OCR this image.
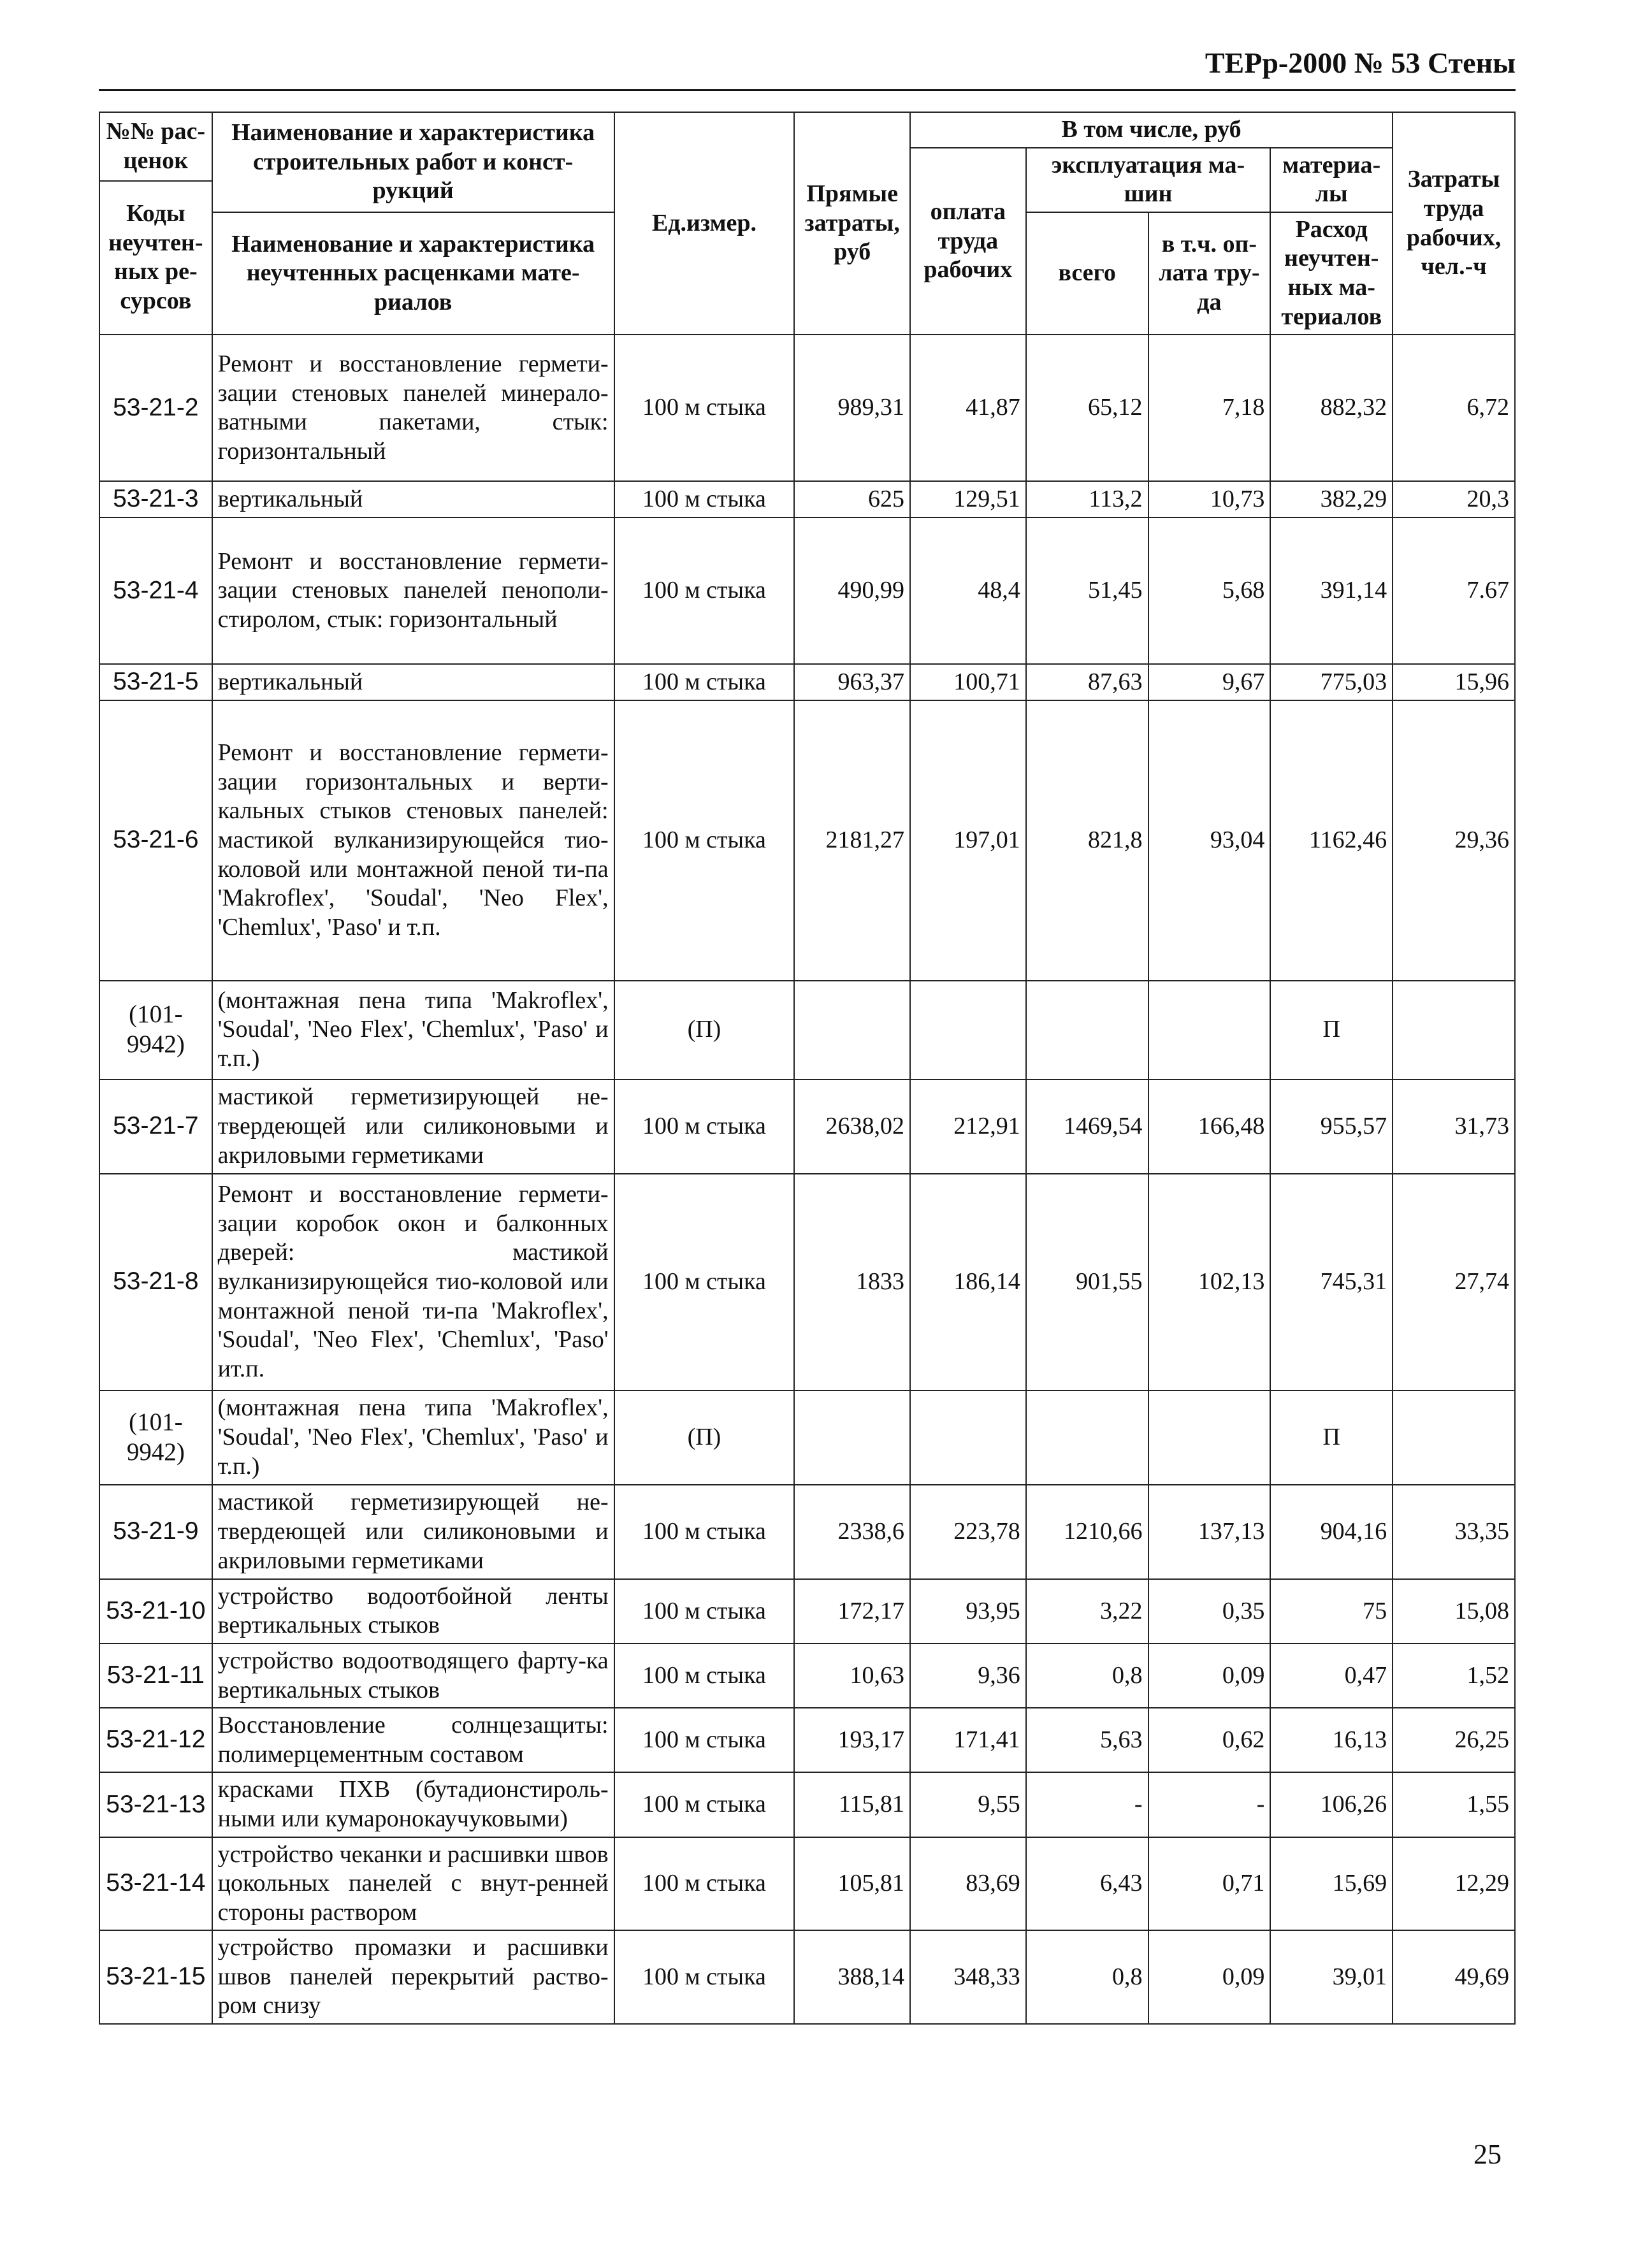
ТЕРр-2000 № 53 Стены
№№ рас-ценок	Наименование и характеристика строительных работ и конст-рукций	Ед.измер.	Прямые затраты, руб	В том числе, руб				Затраты труда рабочих, чел.-ч
				оплата труда рабочих	эксплуатация ма-шин		материа-лы	
Коды неучтен-ных ре-сурсов								
	Наименование и характеристика неучтенных расценками мате-риалов				всего	в т.ч. оп-лата тру-да	Расход неучтен-ных ма-териалов	

53-21-2	Ремонт и восстановление гермети-зации стеновых панелей минерало-ватными пакетами, стык: горизонтальный	100 м стыка	989,31	41,87	65,12	7,18	882,32	6,72
53-21-3	вертикальный	100 м стыка	625	129,51	113,2	10,73	382,29	20,3
53-21-4	Ремонт и восстановление гермети-зации стеновых панелей пенополи-стиролом, стык: горизонтальный	100 м стыка	490,99	48,4	51,45	5,68	391,14	7.67
53-21-5	вертикальный	100 м стыка	963,37	100,71	87,63	9,67	775,03	15,96
53-21-6	Ремонт и восстановление гермети-зации горизонтальных и верти-кальных стыков стеновых панелей: мастикой вулканизирующейся тио-коловой или монтажной пеной ти-па 'Makroflex', 'Soudal', 'Neo Flex', 'Chemlux', 'Paso' и т.п.	100 м стыка	2181,27	197,01	821,8	93,04	1162,46	29,36
(101-9942)	(монтажная пена типа 'Makroflex', 'Soudal', 'Neo Flex', 'Chemlux', 'Paso' и т.п.)	(П)					П	
53-21-7	мастикой герметизирующей не-твердеющей или силиконовыми и акриловыми герметиками	100 м стыка	2638,02	212,91	1469,54	166,48	955,57	31,73
53-21-8	Ремонт и восстановление гермети-зации коробок окон и балконных дверей: мастикой вулканизирующейся тио-коловой или монтажной пеной ти-па 'Makroflex', 'Soudal', 'Neo Flex', 'Chemlux', 'Paso' ит.п.	100 м стыка	1833	186,14	901,55	102,13	745,31	27,74
(101-9942)	(монтажная пена типа 'Makroflex', 'Soudal', 'Neo Flex', 'Chemlux', 'Paso' и т.п.)	(П)					П	
53-21-9	мастикой герметизирующей не-твердеющей или силиконовыми и акриловыми герметиками	100 м стыка	2338,6	223,78	1210,66	137,13	904,16	33,35
53-21-10	устройство водоотбойной ленты вертикальных стыков	100 м стыка	172,17	93,95	3,22	0,35	75	15,08
53-21-11	устройство водоотводящего фарту-ка вертикальных стыков	100 м стыка	10,63	9,36	0,8	0,09	0,47	1,52
53-21-12	Восстановление солнцезащиты: полимерцементным составом	100 м стыка	193,17	171,41	5,63	0,62	16,13	26,25
53-21-13	красками ПХВ (бутадионстироль-ными или кумаронокаучуковыми)	100 м стыка	115,81	9,55	-	-	106,26	1,55
53-21-14	устройство чеканки и расшивки швов цокольных панелей с внут-ренней стороны раствором	100 м стыка	105,81	83,69	6,43	0,71	15,69	12,29
53-21-15	устройство промазки и расшивки швов панелей перекрытий раство-ром снизу	100 м стыка	388,14	348,33	0,8	0,09	39,01	49,69
25
